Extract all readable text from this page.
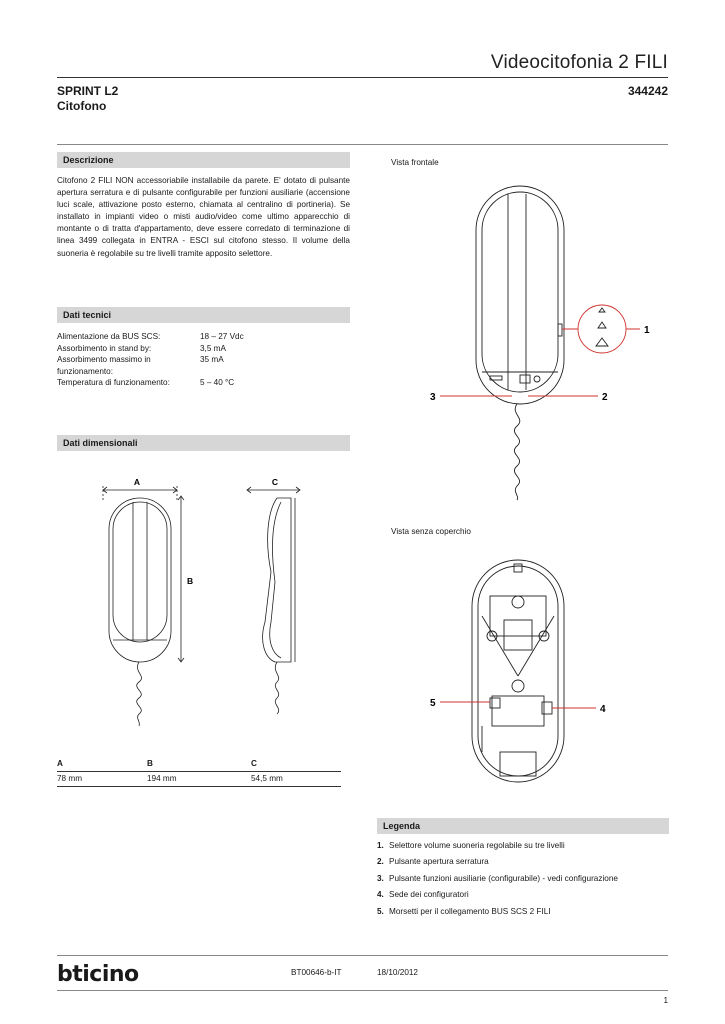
Videocitofonia 2 FILI
SPRINT L2
Citofono
344242
Descrizione
Citofono 2 FILI NON accessoriabile installabile da parete. E' dotato di pulsante apertura serratura e di pulsante configurabile per funzioni ausiliarie (accensione luci scale, attivazione posto esterno, chiamata al centralino di portineria). Se installato in impianti video o misti audio/video come ultimo apparecchio di montante o di tratta d'appartamento, deve essere corredato di terminazione di linea 3499 collegata in ENTRA - ESCI sul citofono stesso. Il volume della suoneria è regolabile su tre livelli tramite apposito selettore.
Dati tecnici
Alimentazione da BUS SCS:	18 – 27 Vdc
Assorbimento in stand by:	3,5 mA
Assorbimento massimo in funzionamento:
35 mA
Temperatura di funzionamento:	5 – 40 °C
Dati dimensionali
A
B
C
A	B	C
78 mm	194 mm	54,5 mm
Vista frontale
1
2
3
Vista senza coperchio
5
4
Legenda
1. Selettore volume suoneria regolabile su tre livelli
2. Pulsante apertura serratura
3. Pulsante funzioni ausiliarie (configurabile) - vedi configurazione
4. Sede dei configuratori
5. Morsetti per il collegamento BUS SCS 2 FILI
bticino	BT00646-b-IT	18/10/2012
1
